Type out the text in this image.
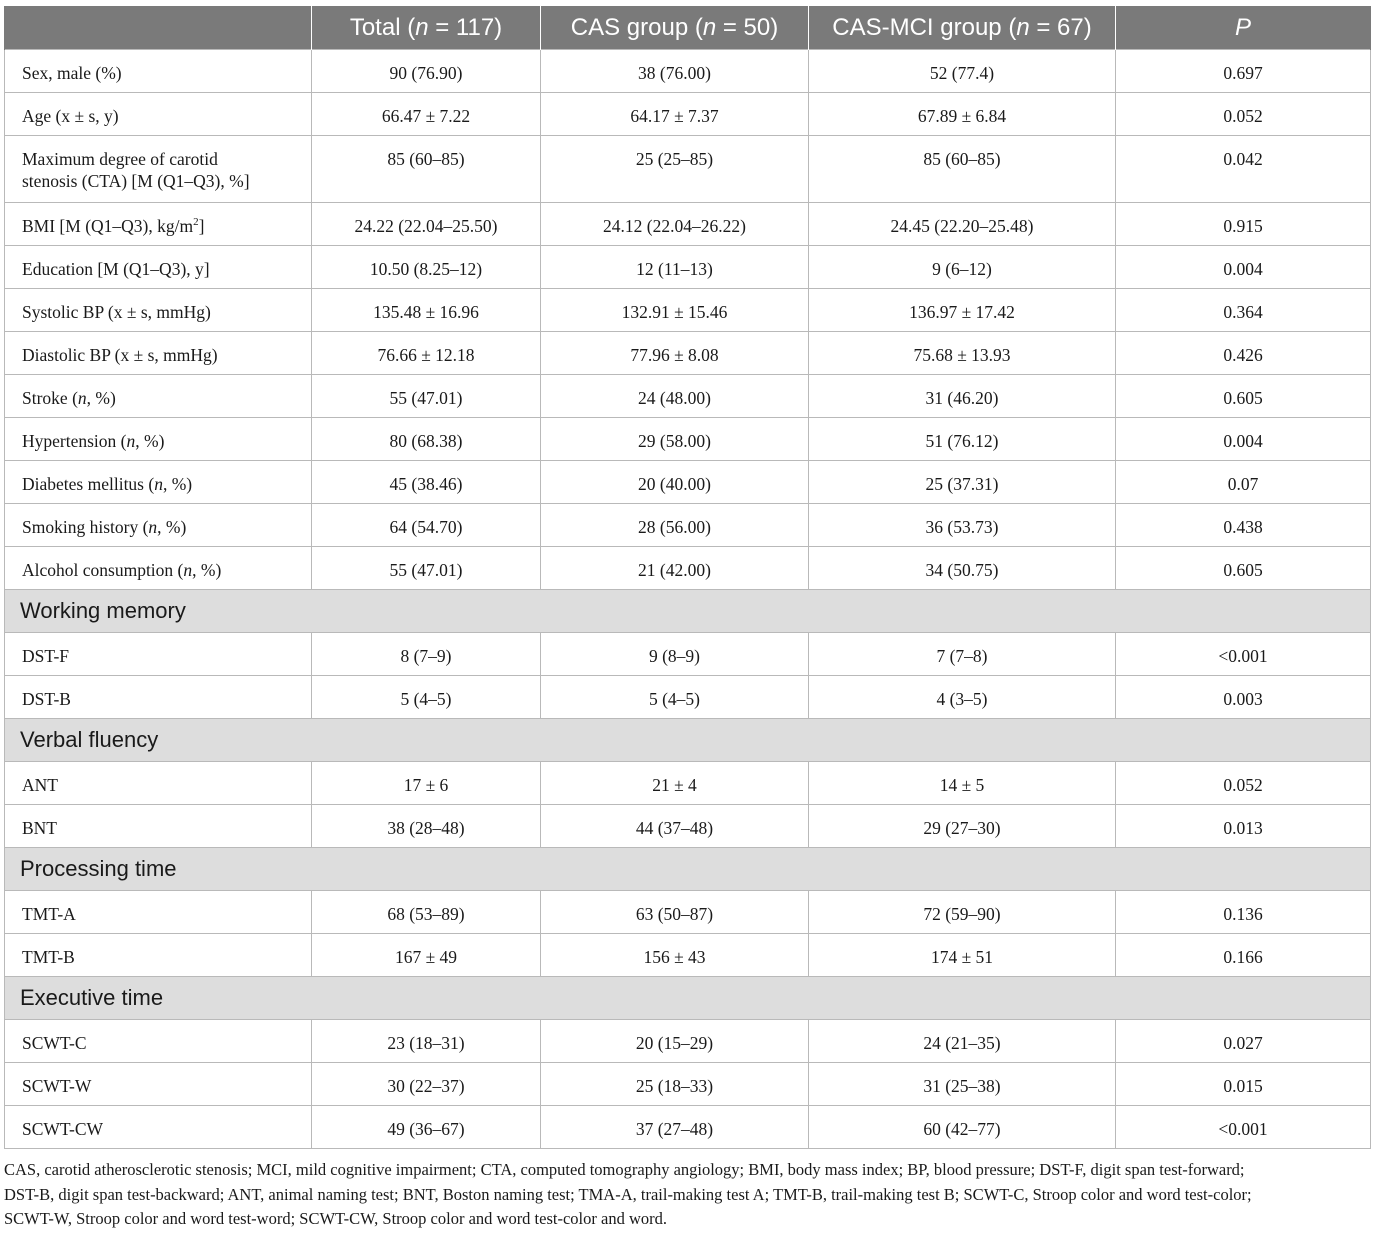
	Total (n = 117)	CAS group (n = 50)	CAS-MCI group (n = 67)	P

Sex, male (%)	90 (76.90)	38 (76.00)	52 (77.4)	0.697

Age (x ± s, y)	66.47 ± 7.22	64.17 ± 7.37	67.89 ± 6.84	0.052

Maximum degree of carotid
stenosis (CTA) [M (Q1–Q3), %]	85 (60–85)	25 (25–85)	85 (60–85)	0.042

BMI [M (Q1–Q3), $kg/m^2$]	24.22 (22.04–25.50)	24.12 (22.04–26.22)	24.45 (22.20–25.48)	0.915

Education [M (Q1–Q3), y]	10.50 (8.25–12)	12 (11–13)	9 (6–12)	0.004

Systolic BP (x ± s, mmHg)	135.48 ± 16.96	132.91 ± 15.46	136.97 ± 17.42	0.364

Diastolic BP (x ± s, mmHg)	76.66 ± 12.18	77.96 ± 8.08	75.68 ± 13.93	0.426

Stroke (n, %)	55 (47.01)	24 (48.00)	31 (46.20)	0.605

Hypertension (n, %)	80 (68.38)	29 (58.00)	51 (76.12)	0.004

Diabetes mellitus (n, %)	45 (38.46)	20 (40.00)	25 (37.31)	0.07

Smoking history (n, %)	64 (54.70)	28 (56.00)	36 (53.73)	0.438

Alcohol consumption (n, %)	55 (47.01)	21 (42.00)	34 (50.75)	0.605

Working memory				

DST-F	8 (7–9)	9 (8–9)	7 (7–8)	<0.001

DST-B	5 (4–5)	5 (4–5)	4 (3–5)	0.003

Verbal fluency				

ANT	17 ± 6	21 ± 4	14 ± 5	0.052

BNT	38 (28–48)	44 (37–48)	29 (27–30)	0.013

Processing time				

TMT-A	68 (53–89)	63 (50–87)	72 (59–90)	0.136

TMT-B	167 ± 49	156 ± 43	174 ± 51	0.166

Executive time				

SCWT-C	23 (18–31)	20 (15–29)	24 (21–35)	0.027

SCWT-W	30 (22–37)	25 (18–33)	31 (25–38)	0.015

SCWT-CW	49 (36–67)	37 (27–48)	60 (42–77)	<0.001
CAS, carotid atherosclerotic stenosis; MCI, mild cognitive impairment; CTA, computed tomography angiology; BMI, body mass index; BP, blood pressure; DST-F, digit span test-forward;
DST-B, digit span test-backward; ANT, animal naming test; BNT, Boston naming test; TMA-A, trail-making test A; TMT-B, trail-making test B; SCWT-C, Stroop color and word test-color;
SCWT-W, Stroop color and word test-word; SCWT-CW, Stroop color and word test-color and word.
